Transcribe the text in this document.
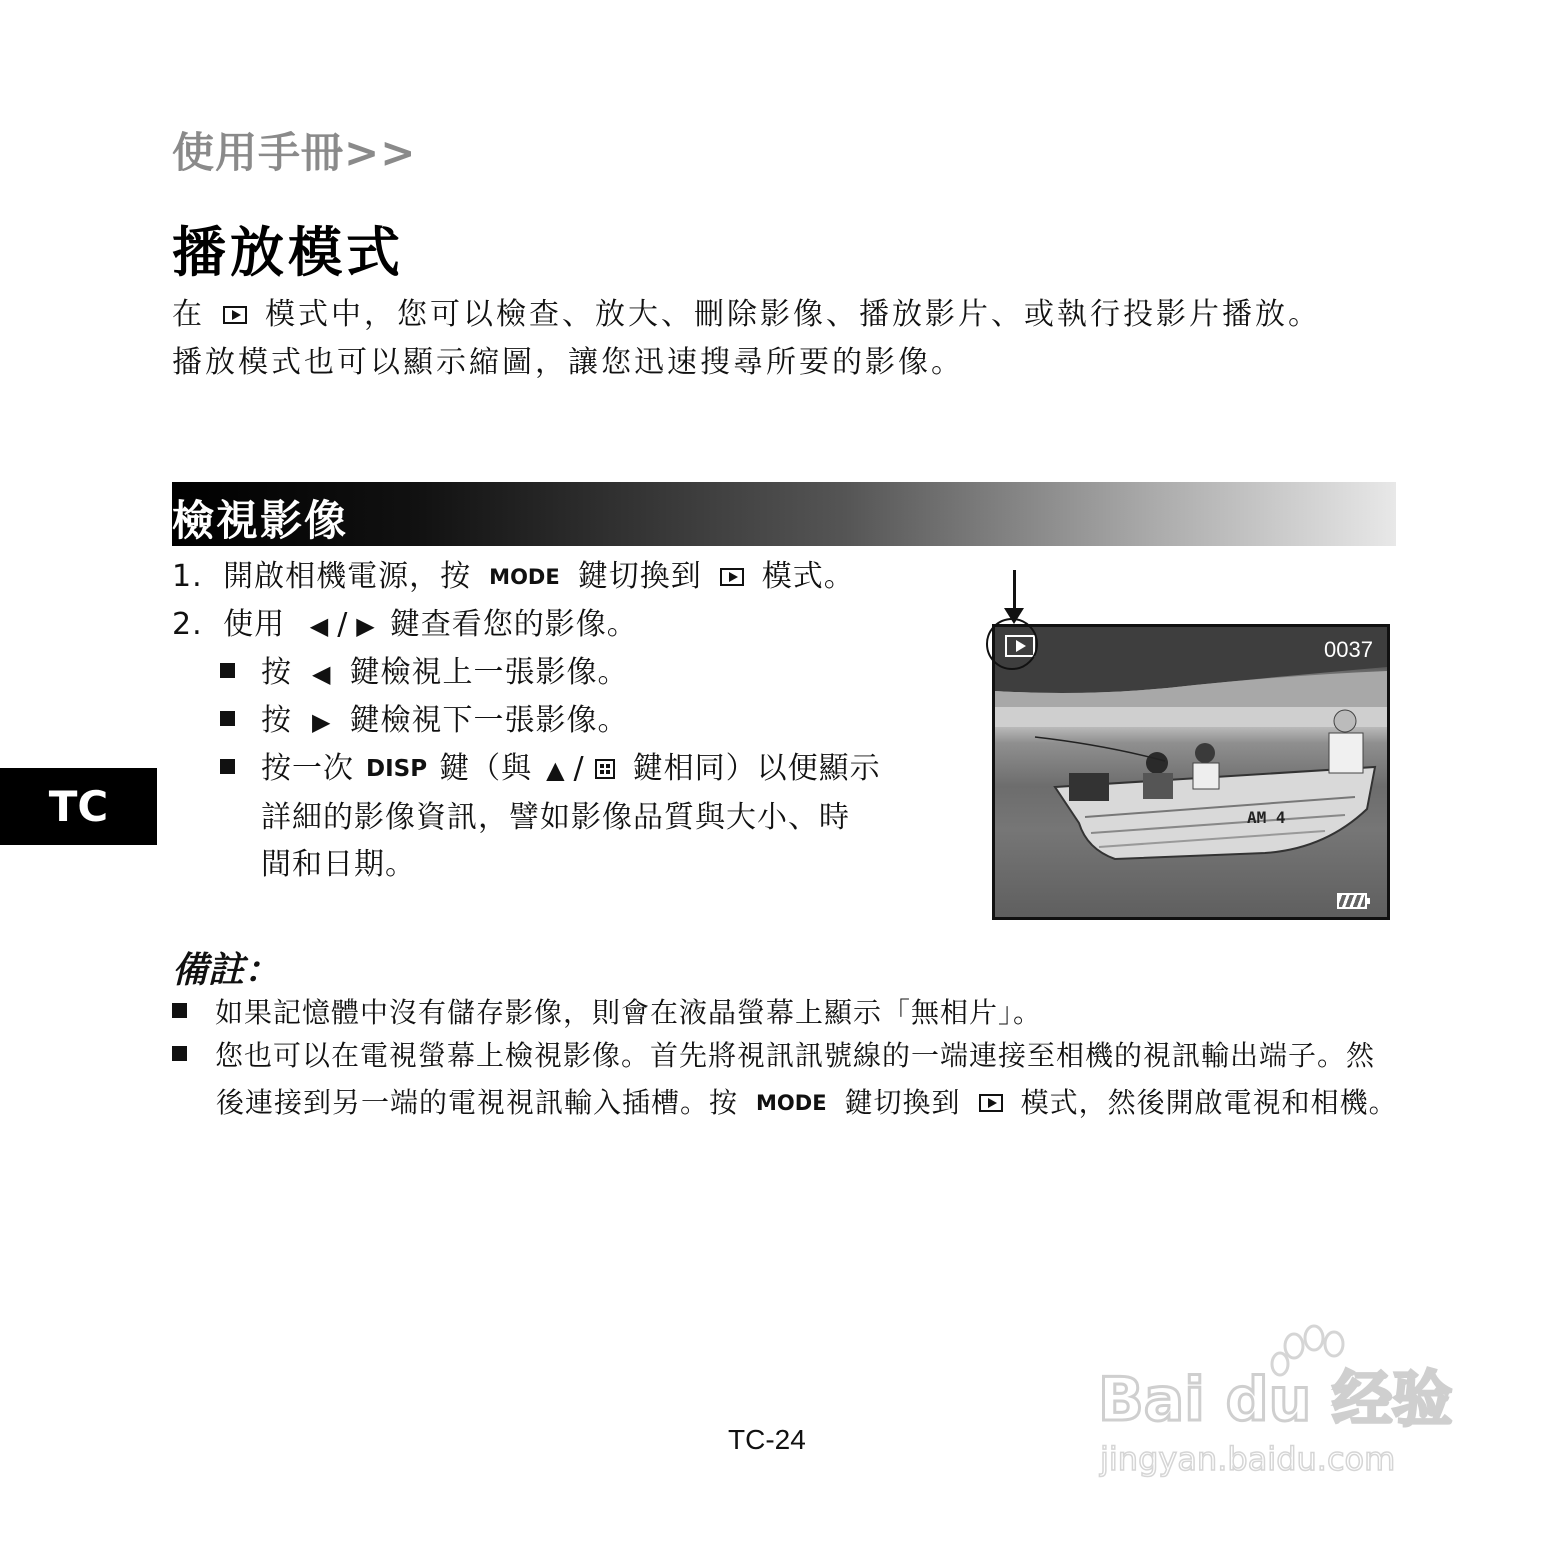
使用手冊>>
播放模式
在 模式中，您可以檢查、放大、刪除影像、播放影片、或執行投影片播放。
播放模式也可以顯示縮圖，讓您迅速搜尋所要的影像。
檢視影像
1. 開啟相機電源，按 MODE 鍵切換到 模式。
2. 使用 ◀ / ▶ 鍵查看您的影像。
按 ◀ 鍵檢視上一張影像。
按 ▶ 鍵檢視下一張影像。
按一次 DISP 鍵（與 ▲ / 鍵相同）以便顯示
詳細的影像資訊，譬如影像品質與大小、時
間和日期。
TC	AM 4
0037
備註：
如果記憶體中沒有儲存影像，則會在液晶螢幕上顯示「無相片」。
您也可以在電視螢幕上檢視影像。首先將視訊訊號線的一端連接至相機的視訊輸出端子。然
後連接到另一端的電視視訊輸入插槽。按 MODE 鍵切換到 模式，然後開啟電視和相機。
TC-24
Bai du 经验
jingyan.baidu.com
